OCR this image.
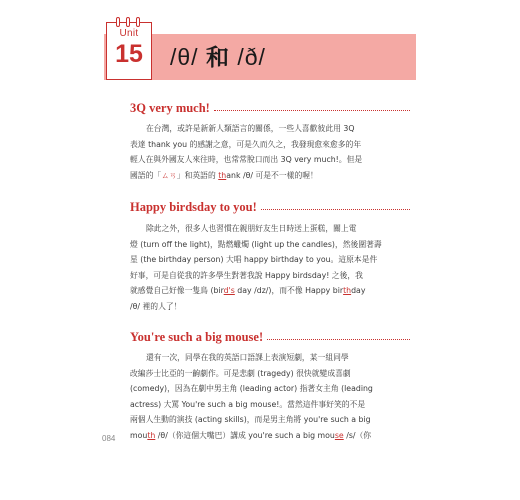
Unit
15	/θ/ 和 /ð/
3Q very much!
在台灣，或許是新新人類語言的關係，一些人喜歡彼此用 3Q
表達 thank you 的感謝之意，可是久而久之，我發現愈來愈多的年
輕人在與外國友人來往時，也常常脫口而出 3Q very much!。但是
國語的「ㄙㄢ」和英語的 thank /θ/ 可是不一樣的喔！
Happy birdsday to you!
除此之外，很多人也習慣在親朋好友生日時送上蛋糕，關上電
燈 (turn off the light)，點燃蠟燭 (light up the candles)，然後圍著壽
星 (the birthday person) 大唱 happy birthday to you。這原本是件
好事，可是自從我的許多學生對著我說 Happy birdsday! 之後，我
就感覺自己好像一隻鳥 (bird's day /dz/)，而不像 Happy birthday
/θ/ 裡的人了！
You're such a big mouse!
還有一次，同學在我的英語口語課上表演短劇，某一組同學
改編莎士比亞的一齣劇作。可是悲劇 (tragedy) 很快就變成喜劇
(comedy)，因為在劇中男主角 (leading actor) 指著女主角 (leading
actress) 大罵 You're such a big mouse!。當然這件事好笑的不是
兩個人生動的演技 (acting skills)，而是男主角將 you're such a big
mouth /θ/（你這個大嘴巴）講成 you're such a big mouse /s/（你
084
